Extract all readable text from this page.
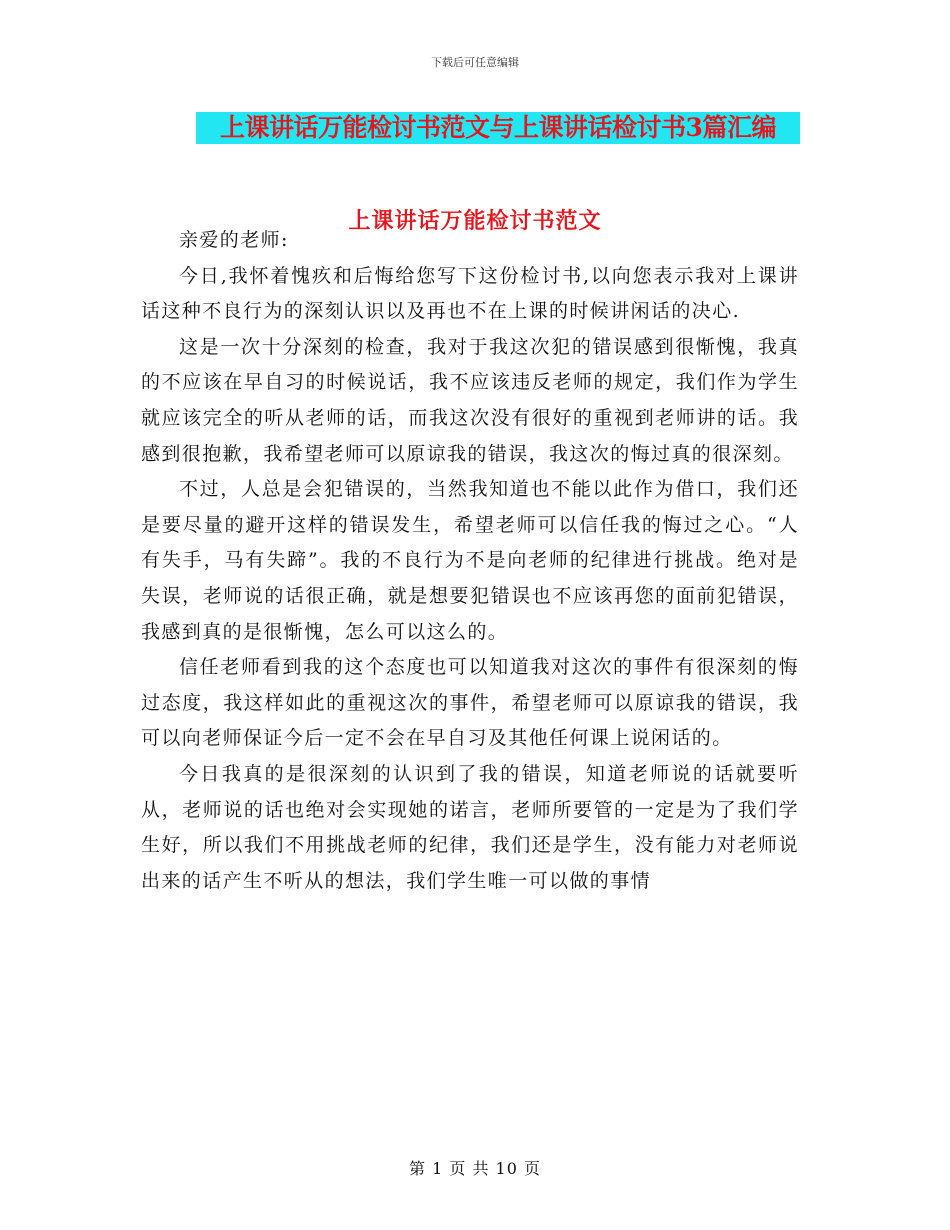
下载后可任意编辑
上课讲话万能检讨书范文与上课讲话检讨书3篇汇编
上课讲话万能检讨书范文

亲爱的老师:

今日,我怀着愧疚和后悔给您写下这份检讨书,以向您表示我对上课讲话这种不良行为的深刻认识以及再也不在上课的时候讲闲话的决心.

这是一次十分深刻的检查，我对于我这次犯的错误感到很惭愧，我真的不应该在早自习的时候说话，我不应该违反老师的规定，我们作为学生就应该完全的听从老师的话，而我这次没有很好的重视到老师讲的话。我感到很抱歉，我希望老师可以原谅我的错误，我这次的悔过真的很深刻。

不过，人总是会犯错误的，当然我知道也不能以此作为借口，我们还是要尽量的避开这样的错误发生，希望老师可以信任我的悔过之心。“人有失手，马有失蹄”。我的不良行为不是向老师的纪律进行挑战。绝对是失误，老师说的话很正确，就是想要犯错误也不应该再您的面前犯错误，我感到真的是很惭愧，怎么可以这么的。

信任老师看到我的这个态度也可以知道我对这次的事件有很深刻的悔过态度，我这样如此的重视这次的事件，希望老师可以原谅我的错误，我可以向老师保证今后一定不会在早自习及其他任何课上说闲话的。

今日我真的是很深刻的认识到了我的错误，知道老师说的话就要听从，老师说的话也绝对会实现她的诺言，老师所要管的一定是为了我们学生好，所以我们不用挑战老师的纪律，我们还是学生，没有能力对老师说出来的话产生不听从的想法，我们学生唯一可以做的事情

第 1 页 共 10 页
